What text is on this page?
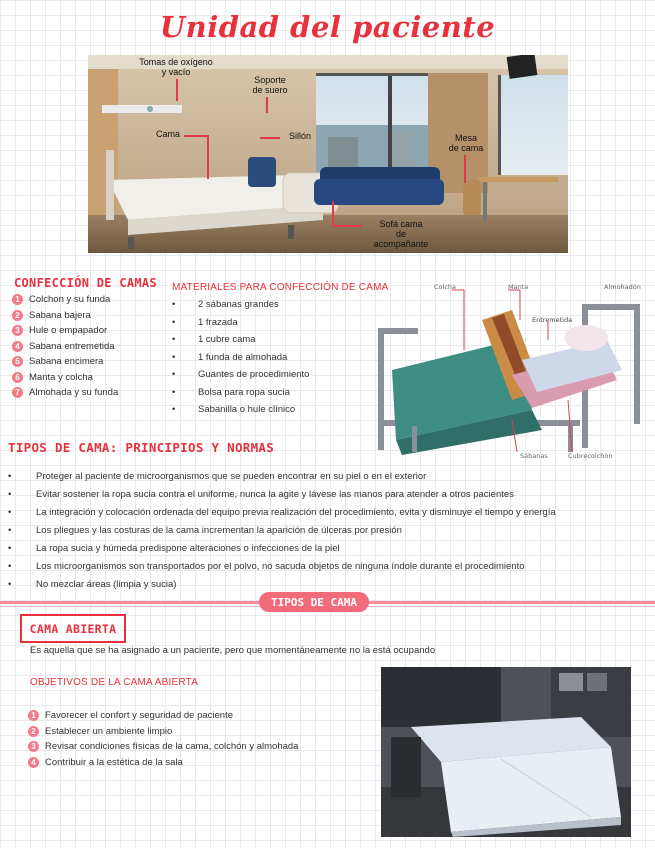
Unidad del paciente
Tomas de oxígeno
y vacío
Soporte
de suero
Cama	Sillón	Mesa
de cama
Sofá cama
de
acompañante
CONFECCIÓN DE CAMAS
1 Colchon y su funda
2 Sabana bajera
3 Hule o empapador
4 Sabana entremetida
5 Sabana encimera
6 Manta y colcha
7 Almohada y su funda
MATERIALES PARA CONFECCIÓN DE CAMA
• 2 sábanas grandes
• 1 frazada
• 1 cubre cama
• 1 funda de almohada
• Guantes de procedimiento
• Bolsa para ropa sucia
• Sabanilla o hule clínico
Colcha	Manta	Almohadón
Entremetida
Sábanas	Cubrecolchón
TIPOS DE CAMA: PRINCIPIOS Y NORMAS
• Proteger al paciente de microorganismos que se pueden encontrar en su piel o en el exterior
• Evitar sostener la ropa sucia contra el uniforme, nunca la agite y lávese las manos para atender a otros pacientes
• La integración y colocación ordenada del equipo previa realización del procedimiento, evita y disminuye el tiempo y energía
• Los pliegues y las costuras de la cama incrementan la aparición de úlceras por presión
• La ropa sucia y húmeda predispone alteraciones o infecciones de la piel
• Los microorganismos son transportados por el polvo, no sacuda objetos de ninguna índole durante el procedimiento
• No mezclar áreas (limpia y sucia)
TIPOS DE CAMA
CAMA ABIERTA
Es aquella que se ha asignado a un paciente, pero que momentáneamente no la está ocupando
OBJETIVOS DE LA CAMA ABIERTA
1 Favorecer el confort y seguridad de paciente
2 Establecer un ambiente limpio
3 Revisar condiciones físicas de la cama, colchón y almohada
4 Contribuir a la estética de la sala
